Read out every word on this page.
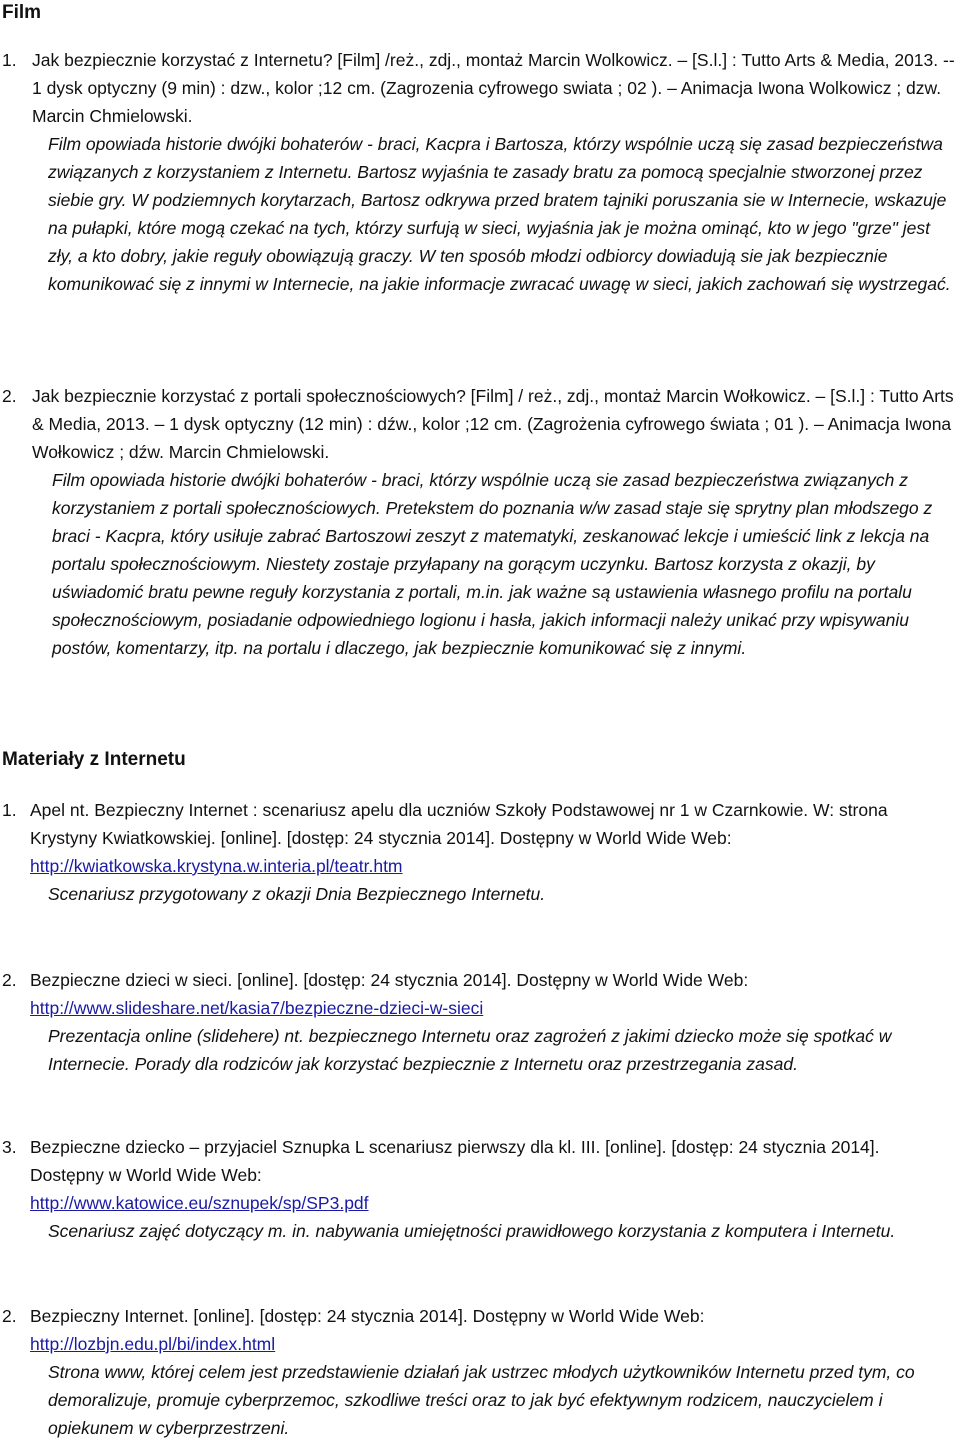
Film
1. Jak bezpiecznie korzystać z Internetu? [Film] /reż., zdj., montaż Marcin Wolkowicz. – [S.l.] : Tutto Arts & Media, 2013. -- 1 dysk optyczny (9 min) : dzw., kolor ;12 cm. (Zagrozenia cyfrowego swiata ; 02 ). – Animacja Iwona Wolkowicz ; dzw. Marcin Chmielowski.
Film opowiada historie dwójki bohaterów - braci, Kacpra i Bartosza, którzy wspólnie uczą się zasad bezpieczeństwa związanych z korzystaniem z Internetu. Bartosz wyjaśnia te zasady bratu za pomocą specjalnie stworzonej przez siebie gry. W podziemnych korytarzach, Bartosz odkrywa przed bratem tajniki poruszania sie w Internecie, wskazuje na pułapki, które mogą czekać na tych, którzy surfują w sieci, wyjaśnia jak je można ominąć, kto w jego "grze" jest zły, a kto dobry, jakie reguły obowiązują graczy. W ten sposób młodzi odbiorcy dowiadują sie jak bezpiecznie komunikować się z innymi w Internecie, na jakie informacje zwracać uwagę w sieci, jakich zachowań się wystrzegać.
2. Jak bezpiecznie korzystać z portali społecznościowych? [Film] / reż., zdj., montaż Marcin Wołkowicz. – [S.l.] : Tutto Arts & Media, 2013. – 1 dysk optyczny (12 min) : dźw., kolor ;12 cm. (Zagrożenia cyfrowego świata ; 01 ). – Animacja Iwona Wołkowicz ; dźw. Marcin Chmielowski.
Film opowiada historie dwójki bohaterów - braci, którzy wspólnie uczą sie zasad bezpieczeństwa związanych z korzystaniem z portali społecznościowych. Pretekstem do poznania w/w zasad staje się sprytny plan młodszego z braci - Kacpra, który usiłuje zabrać Bartoszowi zeszyt z matematyki, zeskanować lekcje i umieścić link z lekcja na portalu społecznościowym. Niestety zostaje przyłapany na gorącym uczynku. Bartosz korzysta z okazji, by uświadomić bratu pewne reguły korzystania z portali, m.in. jak ważne są ustawienia własnego profilu na portalu społecznościowym, posiadanie odpowiedniego logionu i hasła, jakich informacji należy unikać przy wpisywaniu postów, komentarzy, itp. na portalu i dlaczego, jak bezpiecznie komunikować się z innymi.
Materiały z Internetu
1. Apel nt. Bezpieczny Internet : scenariusz apelu dla uczniów Szkoły Podstawowej nr 1 w Czarnkowie. W: strona Krystyny Kwiatkowskiej. [online]. [dostęp: 24 stycznia 2014]. Dostępny w World Wide Web:

http://kwiatkowska.krystyna.w.interia.pl/teatr.htm

Scenariusz przygotowany z okazji Dnia Bezpiecznego Internetu.

2. Bezpieczne dzieci w sieci. [online]. [dostęp: 24 stycznia 2014]. Dostępny w World Wide Web:

http://www.slideshare.net/kasia7/bezpieczne-dzieci-w-sieci

Prezentacja online (slidehere) nt. bezpiecznego Internetu oraz zagrożeń z jakimi dziecko może się spotkać w Internecie. Porady dla rodziców jak korzystać bezpiecznie z Internetu oraz przestrzegania zasad.

3. Bezpieczne dziecko – przyjaciel Sznupka L scenariusz pierwszy dla kl. III. [online]. [dostęp: 24 stycznia 2014]. Dostępny w World Wide Web:

http://www.katowice.eu/sznupek/sp/SP3.pdf

Scenariusz zajęć dotyczący m. in. nabywania umiejętności prawidłowego korzystania z komputera i Internetu.

2. Bezpieczny Internet. [online]. [dostęp: 24 stycznia 2014]. Dostępny w World Wide Web:

http://lozbjn.edu.pl/bi/index.html

Strona www, której celem jest przedstawienie działań jak ustrzec młodych użytkowników Internetu przed tym, co demoralizuje, promuje cyberprzemoc, szkodliwe treści oraz to jak być efektywnym rodzicem, nauczycielem i opiekunem w cyberprzestrzeni.
